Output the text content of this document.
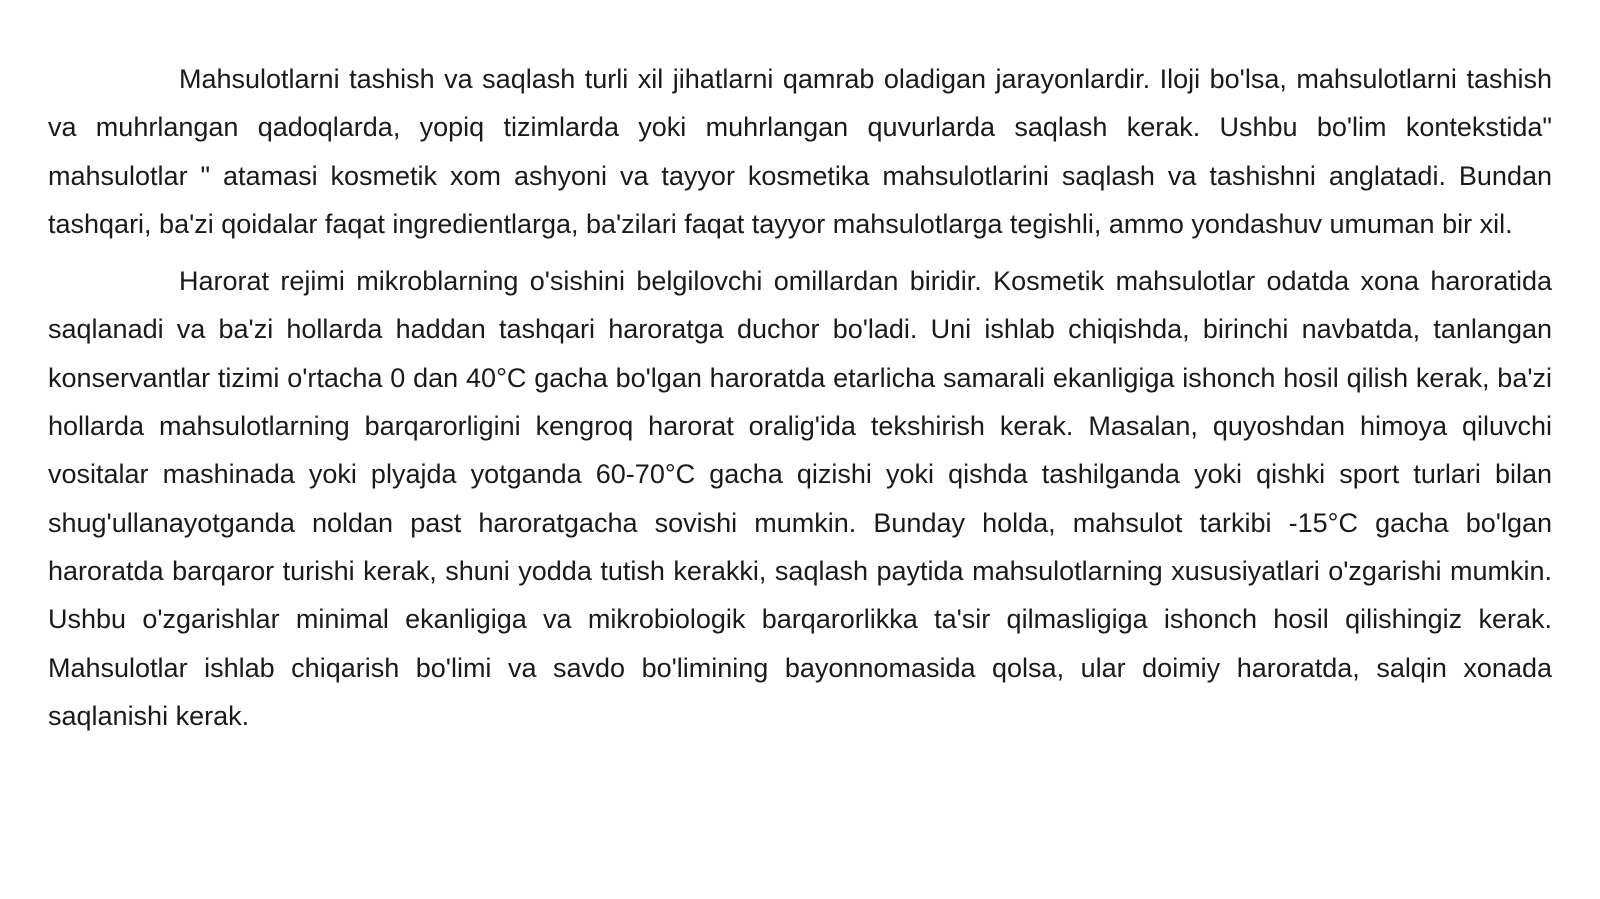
Mahsulotlarni tashish va saqlash turli xil jihatlarni qamrab oladigan jarayonlardir. Iloji bo'lsa, mahsulotlarni tashish va muhrlangan qadoqlarda, yopiq tizimlarda yoki muhrlangan quvurlarda saqlash kerak. Ushbu bo'lim kontekstida" mahsulotlar " atamasi kosmetik xom ashyoni va tayyor kosmetika mahsulotlarini saqlash va tashishni anglatadi. Bundan tashqari, ba'zi qoidalar faqat ingredientlarga, ba'zilari faqat tayyor mahsulotlarga tegishli, ammo yondashuv umuman bir xil.

Harorat rejimi mikroblarning o'sishini belgilovchi omillardan biridir. Kosmetik mahsulotlar odatda xona haroratida saqlanadi va ba'zi hollarda haddan tashqari haroratga duchor bo'ladi. Uni ishlab chiqishda, birinchi navbatda, tanlangan konservantlar tizimi o'rtacha 0 dan 40°C gacha bo'lgan haroratda etarlicha samarali ekanligiga ishonch hosil qilish kerak, ba'zi hollarda mahsulotlarning barqarorligini kengroq harorat oralig'ida tekshirish kerak. Masalan, quyoshdan himoya qiluvchi vositalar mashinada yoki plyajda yotganda 60-70°C gacha qizishi yoki qishda tashilganda yoki qishki sport turlari bilan shug'ullanayotganda noldan past haroratgacha sovishi mumkin. Bunday holda, mahsulot tarkibi -15°C gacha bo'lgan haroratda barqaror turishi kerak, shuni yodda tutish kerakki, saqlash paytida mahsulotlarning xususiyatlari o'zgarishi mumkin. Ushbu o'zgarishlar minimal ekanligiga va mikrobiologik barqarorlikka ta'sir qilmasligiga ishonch hosil qilishingiz kerak. Mahsulotlar ishlab chiqarish bo'limi va savdo bo'limining bayonnomasida qolsa, ular doimiy haroratda, salqin xonada saqlanishi kerak.
